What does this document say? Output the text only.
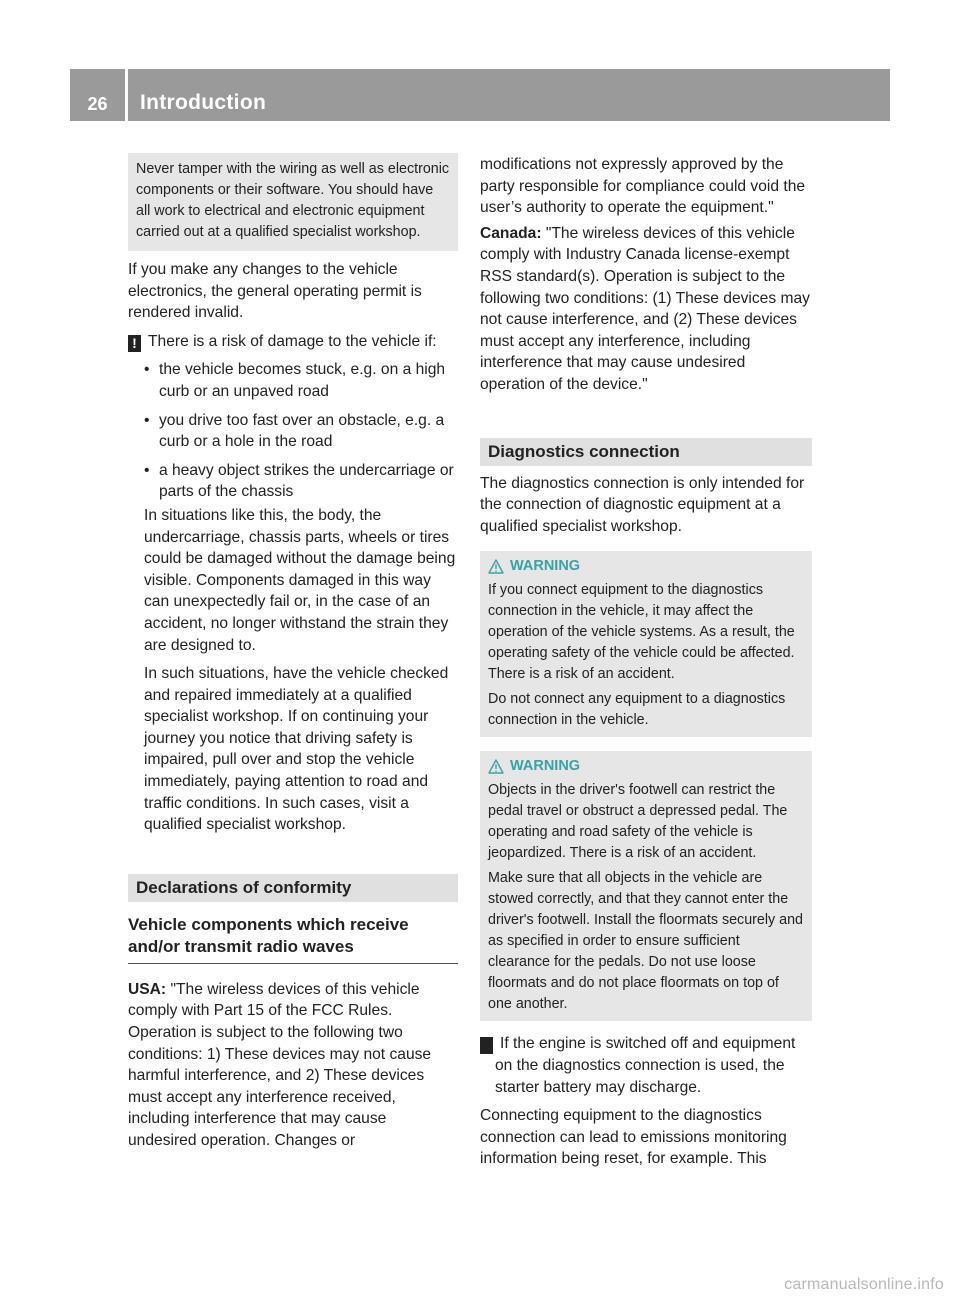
26	Introduction

Never tamper with the wiring as well as electronic components or their software. You should have all work to electrical and electronic equipment carried out at a qualified specialist workshop.

If you make any changes to the vehicle electronics, the general operating permit is rendered invalid.

! There is a risk of damage to the vehicle if:

• the vehicle becomes stuck, e.g. on a high curb or an unpaved road

• you drive too fast over an obstacle, e.g. a curb or a hole in the road

• a heavy object strikes the undercarriage or parts of the chassis

In situations like this, the body, the undercarriage, chassis parts, wheels or tires could be damaged without the damage being visible. Components damaged in this way can unexpectedly fail or, in the case of an accident, no longer withstand the strain they are designed to.

In such situations, have the vehicle checked and repaired immediately at a qualified specialist workshop. If on continuing your journey you notice that driving safety is impaired, pull over and stop the vehicle immediately, paying attention to road and traffic conditions. In such cases, visit a qualified specialist workshop.

Declarations of conformity
Vehicle components which receive and/or transmit radio waves

USA: "The wireless devices of this vehicle comply with Part 15 of the FCC Rules. Operation is subject to the following two conditions: 1) These devices may not cause harmful interference, and 2) These devices must accept any interference received, including interference that may cause undesired operation. Changes or

modifications not expressly approved by the party responsible for compliance could void the user’s authority to operate the equipment."

Canada: "The wireless devices of this vehicle comply with Industry Canada license-exempt RSS standard(s). Operation is subject to the following two conditions: (1) These devices may not cause interference, and (2) These devices must accept any interference, including interference that may cause undesired operation of the device."

Diagnostics connection

The diagnostics connection is only intended for the connection of diagnostic equipment at a qualified specialist workshop.

WARNING

If you connect equipment to the diagnostics connection in the vehicle, it may affect the operation of the vehicle systems. As a result, the operating safety of the vehicle could be affected. There is a risk of an accident.

Do not connect any equipment to a diagnostics connection in the vehicle.

WARNING

Objects in the driver's footwell can restrict the pedal travel or obstruct a depressed pedal. The operating and road safety of the vehicle is jeopardized. There is a risk of an accident.

Make sure that all objects in the vehicle are stowed correctly, and that they cannot enter the driver's footwell. Install the floormats securely and as specified in order to ensure sufficient clearance for the pedals. Do not use loose floormats and do not place floormats on top of one another.

! If the engine is switched off and equipment on the diagnostics connection is used, the starter battery may discharge.

Connecting equipment to the diagnostics connection can lead to emissions monitoring information being reset, for example. This

carmanualsonline.info
